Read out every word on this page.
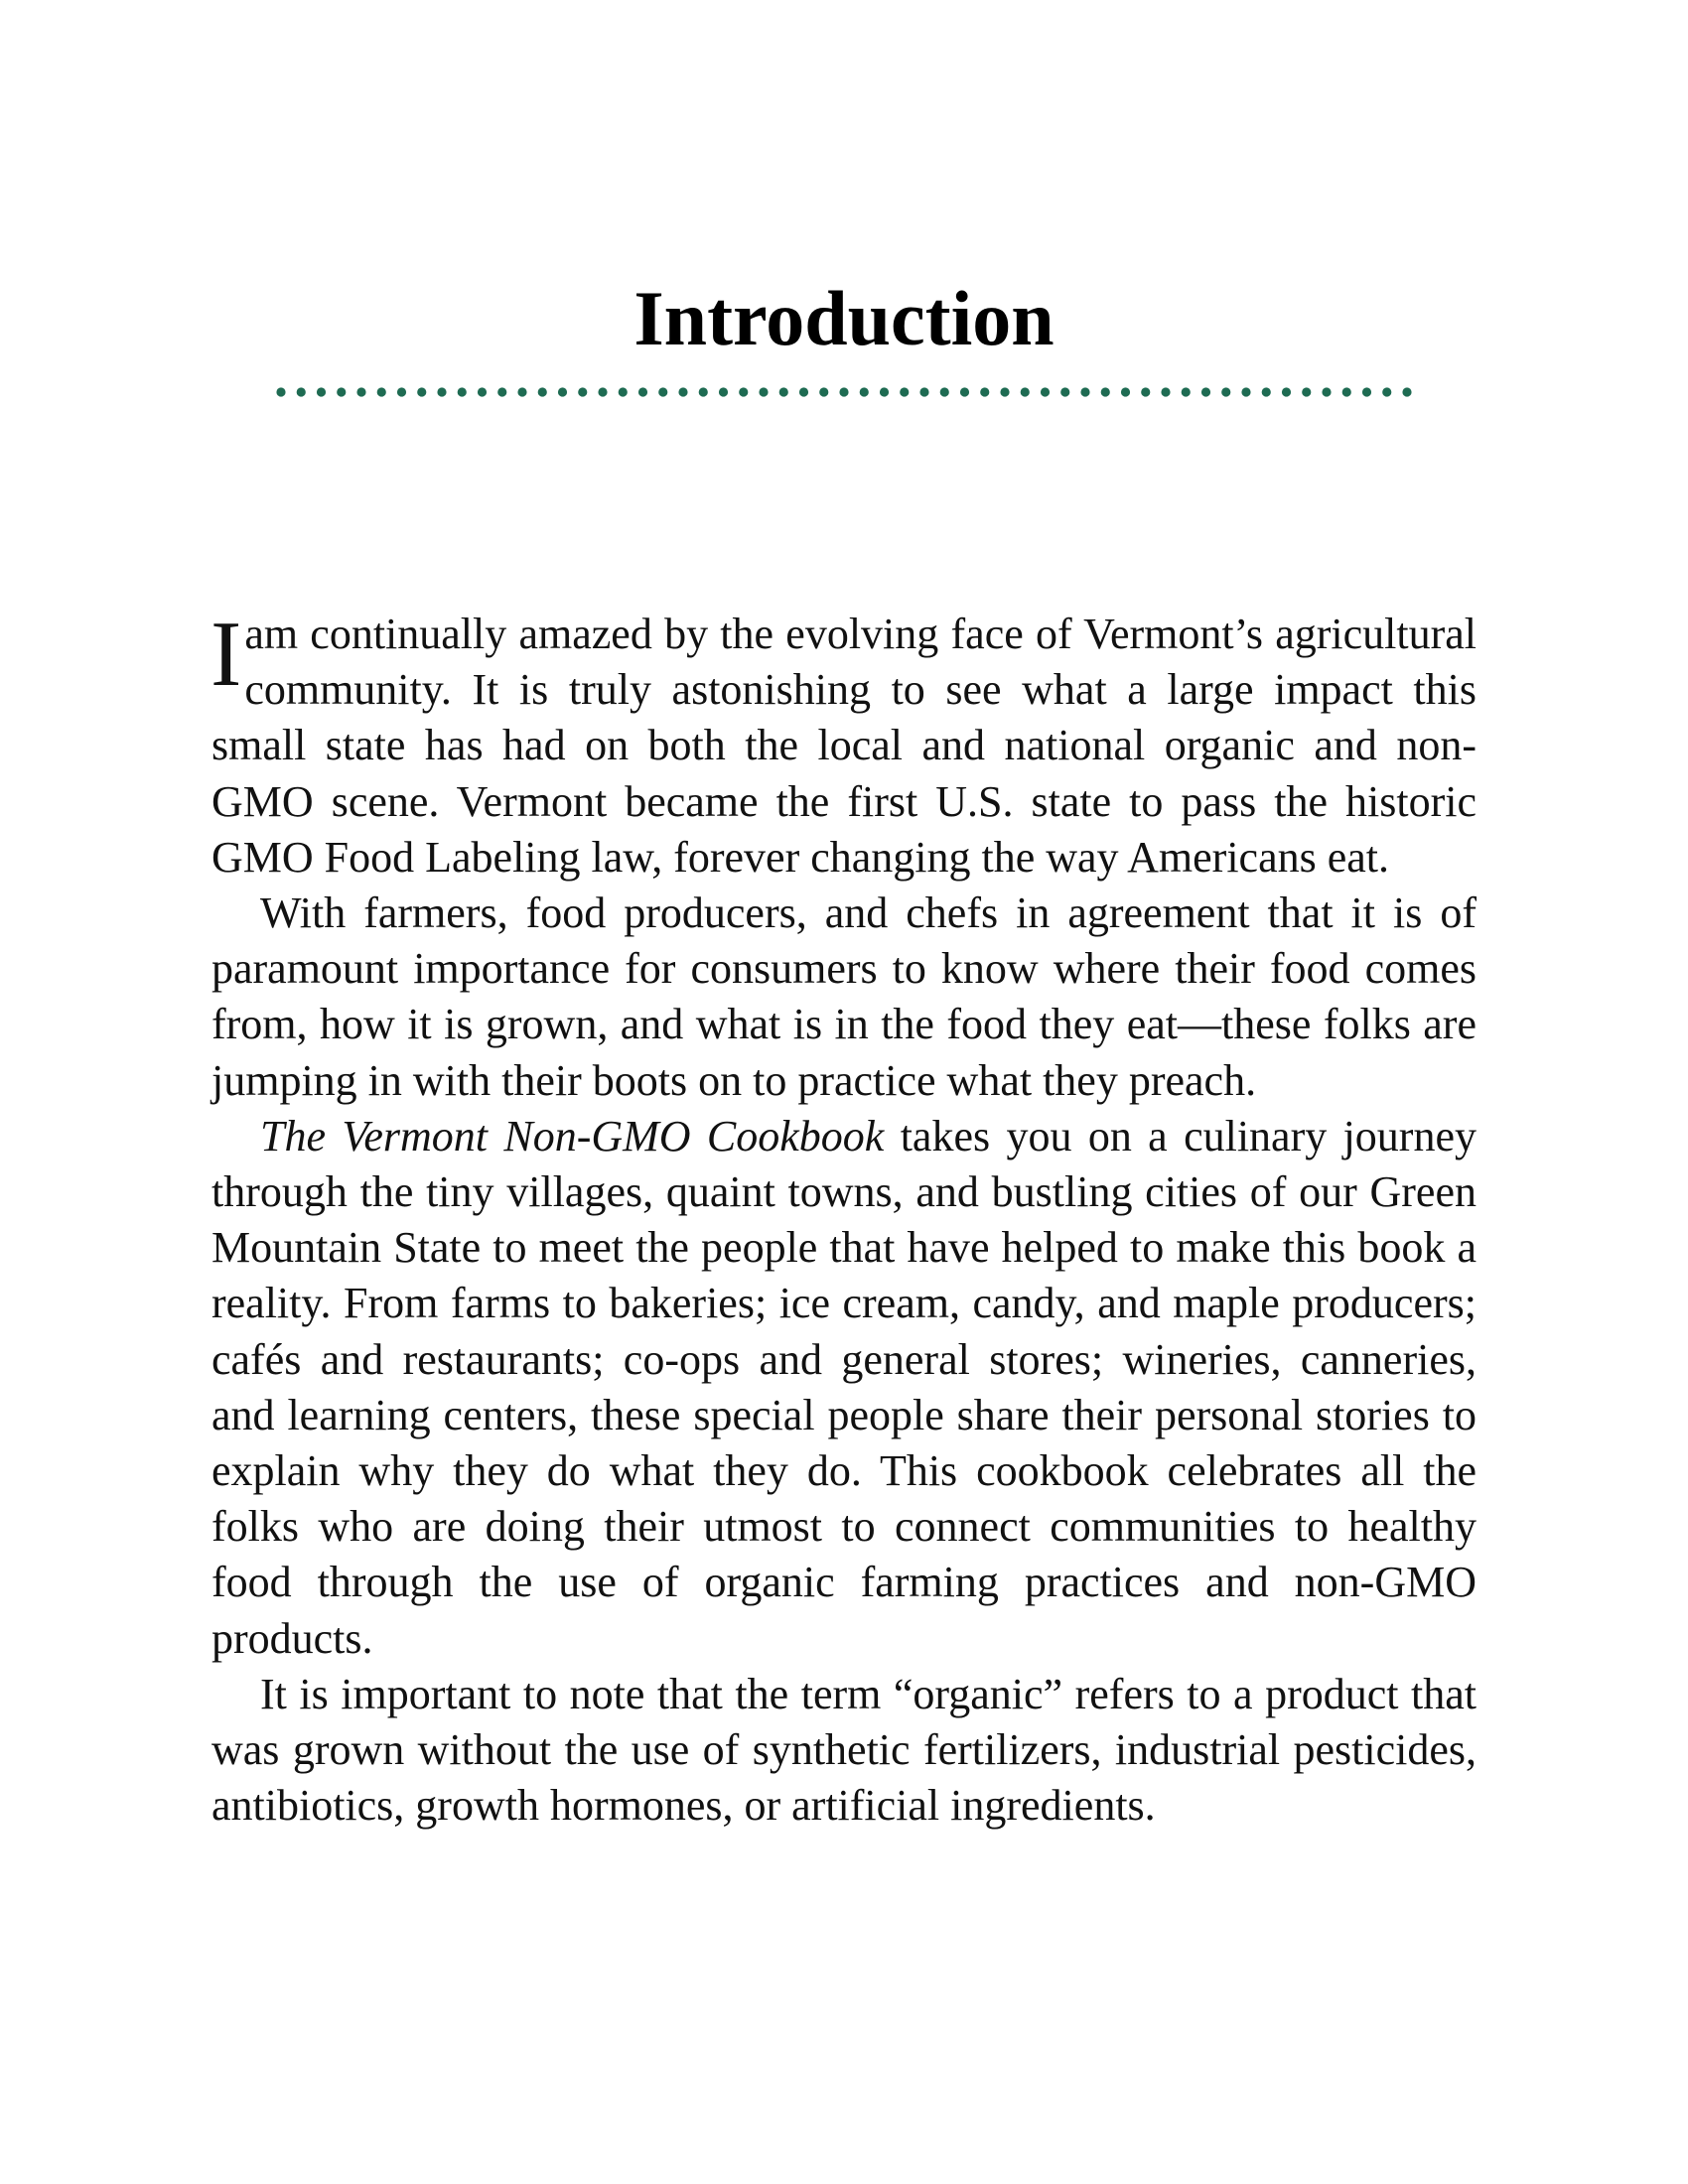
Introduction

Iam continually amazed by the evolving face of Vermont’s agricultural community. It is truly astonishing to see what a large impact this small state has had on both the local and national organic and non-GMO scene. Vermont became the first U.S. state to pass the historic GMO Food Labeling law, forever changing the way Americans eat.

With farmers, food producers, and chefs in agreement that it is of paramount importance for consumers to know where their food comes from, how it is grown, and what is in the food they eat—these folks are jumping in with their boots on to practice what they preach.

The Vermont Non-GMO Cookbook takes you on a culinary journey through the tiny villages, quaint towns, and bustling cities of our Green Mountain State to meet the people that have helped to make this book a reality. From farms to bakeries; ice cream, candy, and maple producers; cafés and restaurants; co-ops and general stores; wineries, canneries, and learning centers, these special people share their personal stories to explain why they do what they do. This cookbook celebrates all the folks who are doing their utmost to connect communities to healthy food through the use of organic farming practices and non-GMO products.

It is important to note that the term “organic” refers to a product that was grown without the use of synthetic fertilizers, industrial pesticides, antibiotics, growth hormones, or artificial ingredients.
